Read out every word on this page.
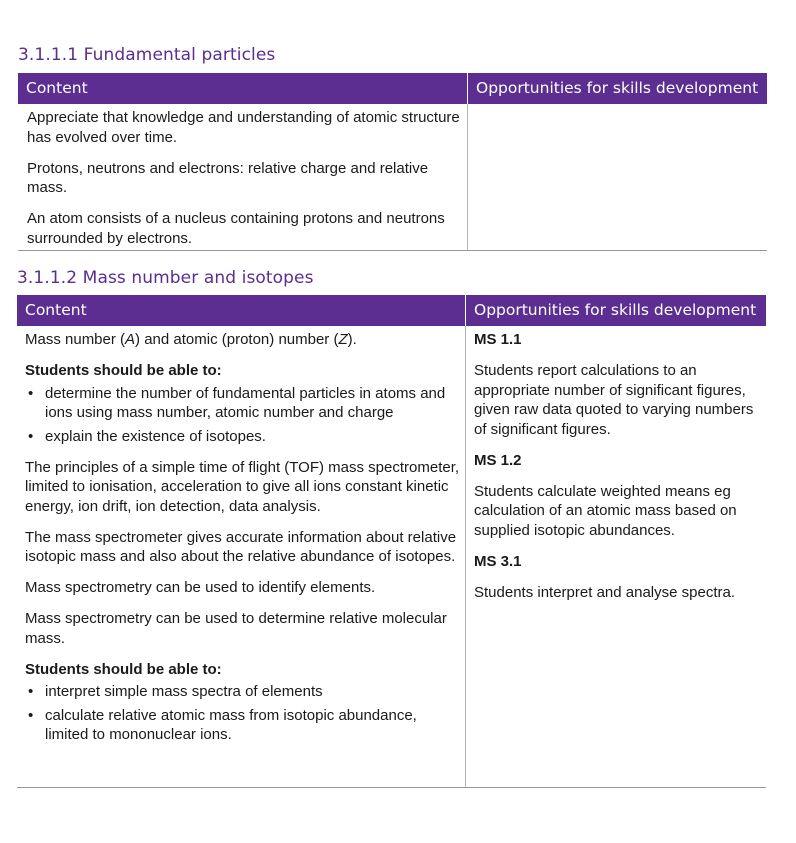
3.1.1.1 Fundamental particles
Content	Opportunities for skills development

Appreciate that knowledge and understanding of atomic structure has evolved over time.

Protons, neutrons and electrons: relative charge and relative mass.

An atom consists of a nucleus containing protons and neutrons surrounded by electrons.

3.1.1.2 Mass number and isotopes
Content	Opportunities for skills development

Mass number (A) and atomic (proton) number (Z).

Students should be able to:

• determine the number of fundamental particles in atoms and ions using mass number, atomic number and charge
• explain the existence of isotopes.

The principles of a simple time of flight (TOF) mass spectrometer, limited to ionisation, acceleration to give all ions constant kinetic energy, ion drift, ion detection, data analysis.

The mass spectrometer gives accurate information about relative isotopic mass and also about the relative abundance of isotopes.

Mass spectrometry can be used to identify elements.

Mass spectrometry can be used to determine relative molecular mass.

Students should be able to:

• interpret simple mass spectra of elements
• calculate relative atomic mass from isotopic abundance, limited to mononuclear ions.

MS 1.1

Students report calculations to an appropriate number of significant figures, given raw data quoted to varying numbers of significant figures.

MS 1.2

Students calculate weighted means eg calculation of an atomic mass based on supplied isotopic abundances.

MS 3.1

Students interpret and analyse spectra.
